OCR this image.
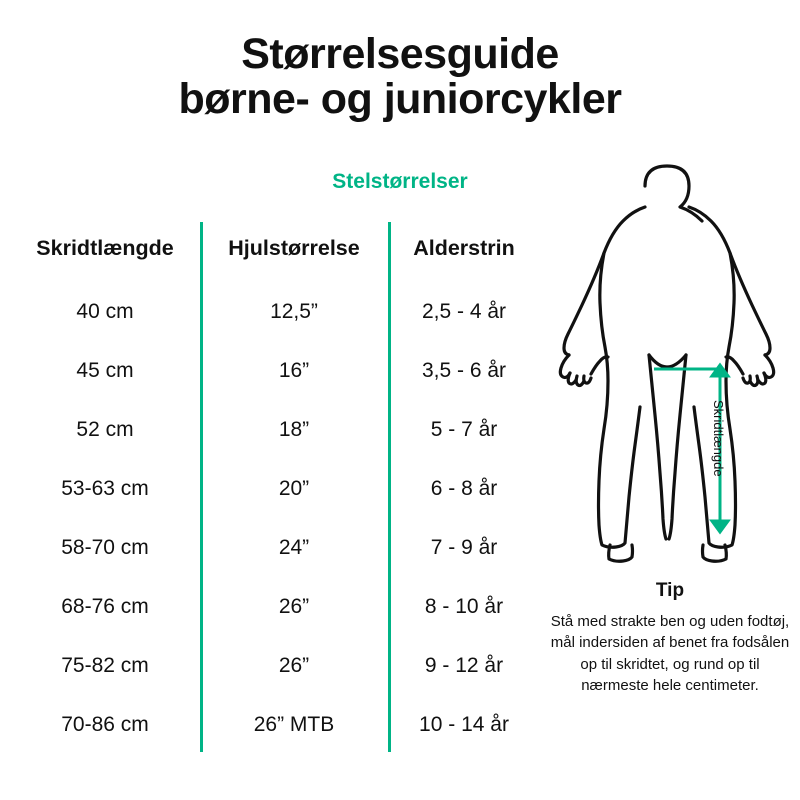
Størrelsesguide
børne- og juniorcykler
Stelstørrelser
Skridtlængde	Hjulstørrelse	Alderstrin
40 cm	12,5”	2,5 - 4 år
45 cm	16”	3,5 - 6 år
52 cm	18”	5 - 7 år
53-63 cm	20”	6 - 8 år
58-70 cm	24”	7 - 9 år
68-76 cm	26”	8 - 10 år
75-82 cm	26”	9 - 12 år
70-86 cm	26” MTB	10 - 14 år
Skridtlængde
Tip
Stå med strakte ben og uden fodtøj, mål indersiden af benet fra fodsålen op til skridtet, og rund op til nærmeste hele centimeter.
